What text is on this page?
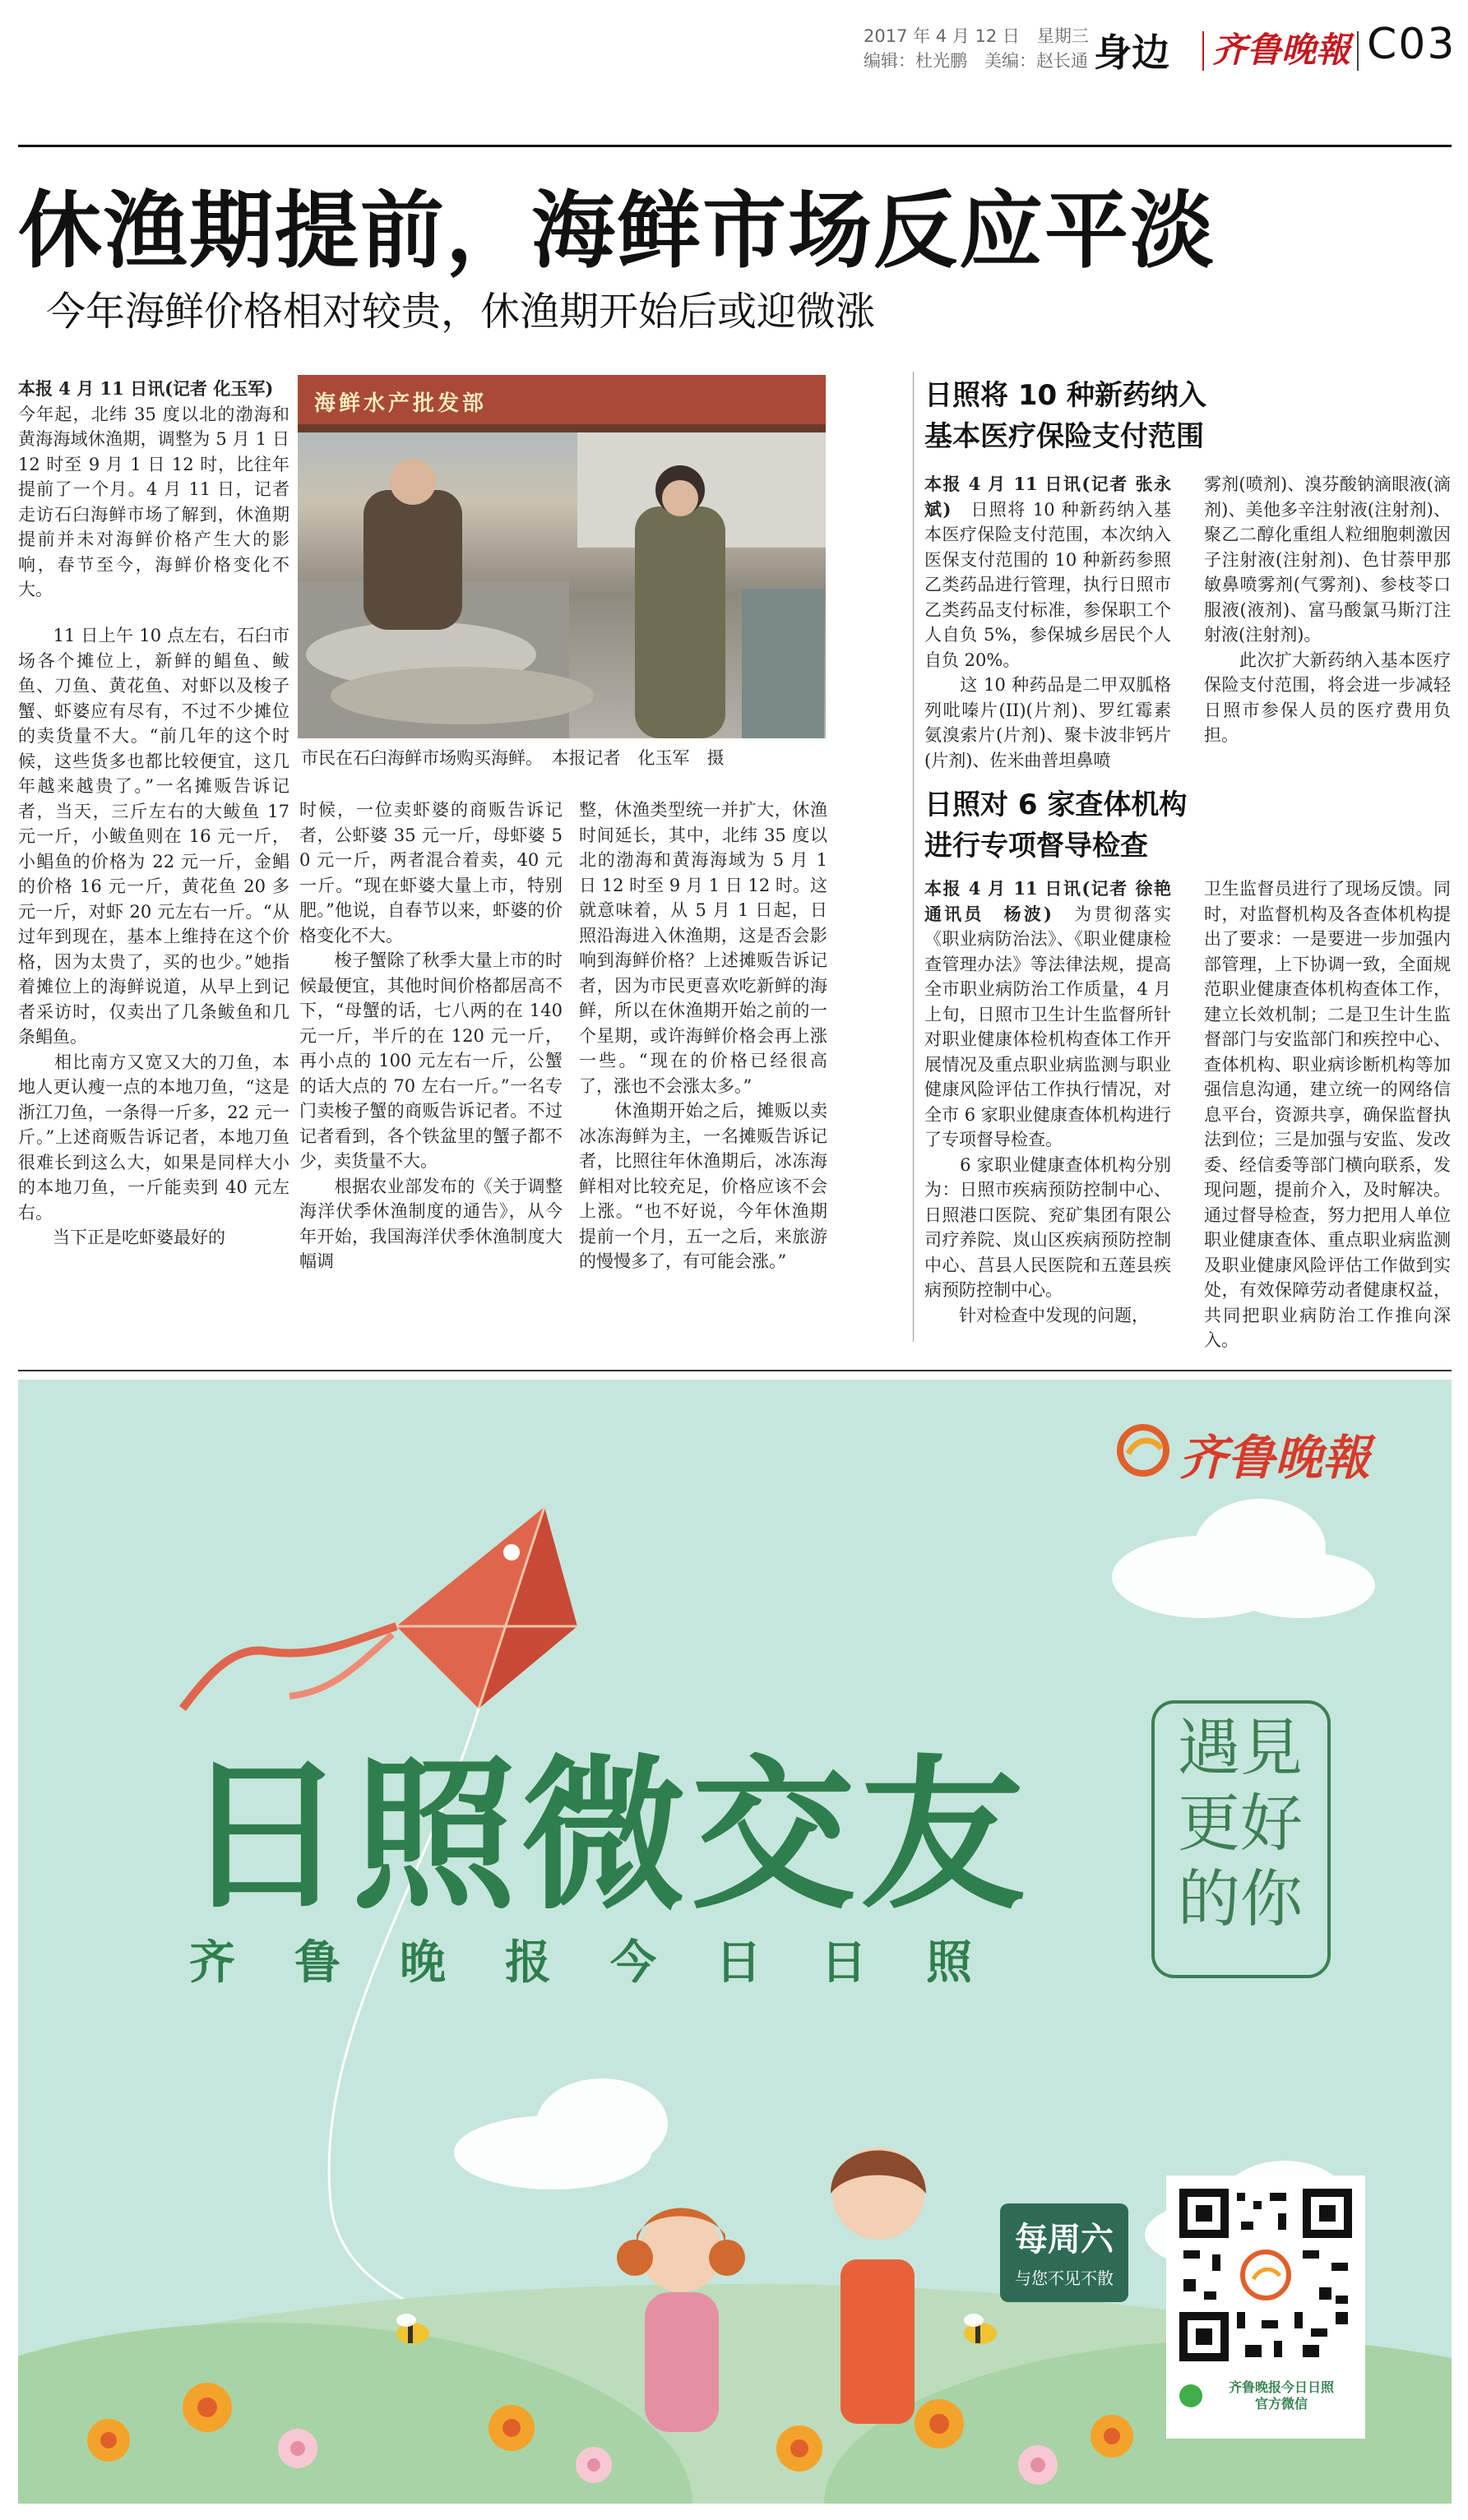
2017 年 4 月 12 日　星期三
编辑：杜光鹏　美编：赵长通 身边 齐鲁晚報 C03
休渔期提前，海鲜市场反应平淡
今年海鲜价格相对较贵，休渔期开始后或迎微涨
海鲜水产批发部
市民在石臼海鲜市场购买海鲜。　本报记者　化玉军　摄

本报 4 月 11 日讯(记者 化玉军)　今年起，北纬 35 度以北的渤海和黄海海域休渔期，调整为 5 月 1 日 12 时至 9 月 1 日 12 时，比往年提前了一个月。4 月 11 日，记者走访石臼海鲜市场了解到，休渔期提前并未对海鲜价格产生大的影响，春节至今，海鲜价格变化不大。

　　11 日上午 10 点左右，石臼市场各个摊位上，新鲜的鲳鱼、鲅鱼、刀鱼、黄花鱼、对虾以及梭子蟹、虾婆应有尽有，不过不少摊位的卖货量不大。“前几年的这个时候，这些货多也都比较便宜，这几年越来越贵了。”一名摊贩告诉记者，当天，三斤左右的大鲅鱼 17 元一斤，小鲅鱼则在 16 元一斤，小鲳鱼的价格为 22 元一斤，金鲳的价格 16 元一斤，黄花鱼 20 多元一斤，对虾 20 元左右一斤。“从过年到现在，基本上维持在这个价格，因为太贵了，买的也少。”她指着摊位上的海鲜说道，从早上到记者采访时，仅卖出了几条鲅鱼和几条鲳鱼。

　　相比南方又宽又大的刀鱼，本地人更认瘦一点的本地刀鱼，“这是浙江刀鱼，一条得一斤多，22 元一斤。”上述商贩告诉记者，本地刀鱼很难长到这么大，如果是同样大小的本地刀鱼，一斤能卖到 40 元左右。

　　当下正是吃虾婆最好的

时候，一位卖虾婆的商贩告诉记者，公虾婆 35 元一斤，母虾婆 50 元一斤，两者混合着卖，40 元一斤。“现在虾婆大量上市，特别肥。”他说，自春节以来，虾婆的价格变化不大。

　　梭子蟹除了秋季大量上市的时候最便宜，其他时间价格都居高不下，“母蟹的话，七八两的在 140 元一斤，半斤的在 120 元一斤，再小点的 100 元左右一斤，公蟹的话大点的 70 左右一斤。”一名专门卖梭子蟹的商贩告诉记者。不过记者看到，各个铁盆里的蟹子都不少，卖货量不大。

　　根据农业部发布的《关于调整海洋伏季休渔制度的通告》，从今年开始，我国海洋伏季休渔制度大幅调

整，休渔类型统一并扩大，休渔时间延长，其中，北纬 35 度以北的渤海和黄海海域为 5 月 1 日 12 时至 9 月 1 日 12 时。这就意味着，从 5 月 1 日起，日照沿海进入休渔期，这是否会影响到海鲜价格？上述摊贩告诉记者，因为市民更喜欢吃新鲜的海鲜，所以在休渔期开始之前的一个星期，或许海鲜价格会再上涨一些。“现在的价格已经很高了，涨也不会涨太多。”

　　休渔期开始之后，摊贩以卖冰冻海鲜为主，一名摊贩告诉记者，比照往年休渔期后，冰冻海鲜相对比较充足，价格应该不会上涨。“也不好说，今年休渔期提前一个月，五一之后，来旅游的慢慢多了，有可能会涨。”

日照将 10 种新药纳入
基本医疗保险支付范围

本报 4 月 11 日讯(记者 张永斌)　日照将 10 种新药纳入基本医疗保险支付范围，本次纳入医保支付范围的 10 种新药参照乙类药品进行管理，执行日照市乙类药品支付标准，参保职工个人自负 5%，参保城乡居民个人自负 20%。

　　这 10 种药品是二甲双胍格列吡嗪片(II)(片剂)、罗红霉素氨溴索片(片剂)、聚卡波非钙片(片剂)、佐米曲普坦鼻喷

雾剂(喷剂)、溴芬酸钠滴眼液(滴剂)、美他多辛注射液(注射剂)、聚乙二醇化重组人粒细胞刺激因子注射液(注射剂)、色甘萘甲那敏鼻喷雾剂(气雾剂)、参枝苓口服液(液剂)、富马酸氯马斯汀注射液(注射剂)。

　　此次扩大新药纳入基本医疗保险支付范围，将会进一步减轻日照市参保人员的医疗费用负担。

日照对 6 家查体机构
进行专项督导检查

本报 4 月 11 日讯(记者 徐艳　通讯员　杨波)　为贯彻落实《职业病防治法》、《职业健康检查管理办法》等法律法规，提高全市职业病防治工作质量，4 月上旬，日照市卫生计生监督所针对职业健康体检机构查体工作开展情况及重点职业病监测与职业健康风险评估工作执行情况，对全市 6 家职业健康查体机构进行了专项督导检查。

　　6 家职业健康查体机构分别为：日照市疾病预防控制中心、日照港口医院、兖矿集团有限公司疗养院、岚山区疾病预防控制中心、莒县人民医院和五莲县疾病预防控制中心。

　　针对检查中发现的问题，

卫生监督员进行了现场反馈。同时，对监督机构及各查体机构提出了要求：一是要进一步加强内部管理，上下协调一致，全面规范职业健康查体机构查体工作，建立长效机制；二是卫生计生监督部门与安监部门和疾控中心、查体机构、职业病诊断机构等加强信息沟通，建立统一的网络信息平台，资源共享，确保监督执法到位；三是加强与安监、发改委、经信委等部门横向联系，发现问题，提前介入，及时解决。通过督导检查，努力把用人单位职业健康查体、重点职业病监测及职业健康风险评估工作做到实处，有效保障劳动者健康权益，共同把职业病防治工作推向深入。

齐鲁晚報
日照微交友
齐鲁晚报今日日照
遇見
更好
的你
每周六
与您不见不散
齐鲁晚报今日日照
官方微信
